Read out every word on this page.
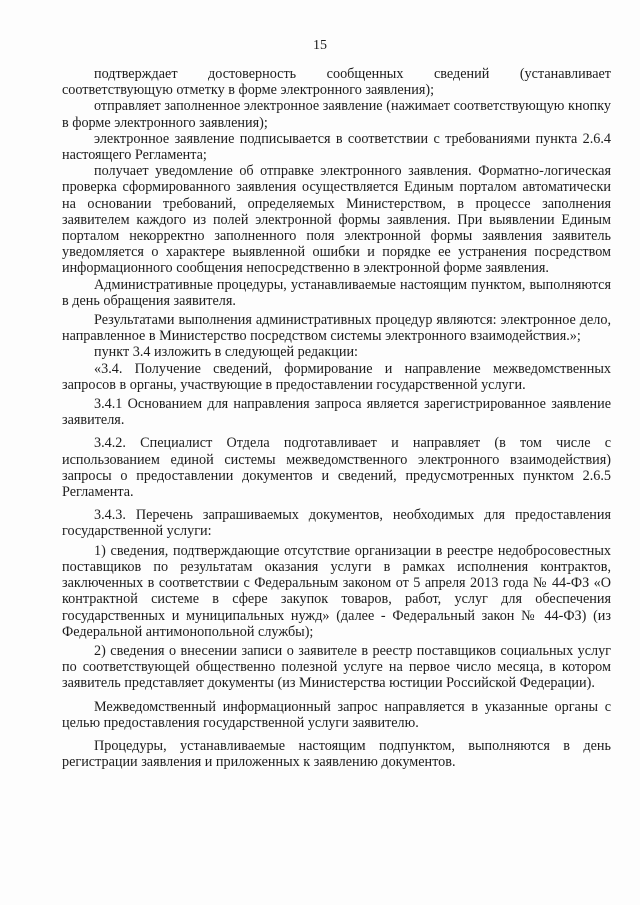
15

подтверждает достоверность сообщенных сведений (устанавливает соответствующую отметку в форме электронного заявления);

отправляет заполненное электронное заявление (нажимает соответствующую кнопку в форме электронного заявления);

электронное заявление подписывается в соответствии с требованиями пункта 2.6.4 настоящего Регламента;

получает уведомление об отправке электронного заявления. Форматно-логическая проверка сформированного заявления осуществляется Единым порталом автоматически на основании требований, определяемых Министерством, в процессе заполнения заявителем каждого из полей электронной формы заявления. При выявлении Единым порталом некорректно заполненного поля электронной формы заявления заявитель уведомляется о характере выявленной ошибки и порядке ее устранения посредством информационного сообщения непосредственно в электронной форме заявления.

Административные процедуры, устанавливаемые настоящим пунктом, выполняются в день обращения заявителя.

Результатами выполнения административных процедур являются: электронное дело, направленное в Министерство посредством системы электронного взаимодействия.»;

пункт 3.4 изложить в следующей редакции:

«3.4. Получение сведений, формирование и направление межведомственных запросов в органы, участвующие в предоставлении государственной услуги.

3.4.1 Основанием для направления запроса является зарегистрированное заявление заявителя.

3.4.2. Специалист Отдела подготавливает и направляет (в том числе с использованием единой системы межведомственного электронного взаимодействия) запросы о предоставлении документов и сведений, предусмотренных пунктом 2.6.5 Регламента.

3.4.3. Перечень запрашиваемых документов, необходимых для предоставления государственной услуги:

1) сведения, подтверждающие отсутствие организации в реестре недобросовестных поставщиков по результатам оказания услуги в рамках исполнения контрактов, заключенных в соответствии с Федеральным законом от 5 апреля 2013 года № 44-ФЗ «О контрактной системе в сфере закупок товаров, работ, услуг для обеспечения государственных и муниципальных нужд» (далее - Федеральный закон № 44-ФЗ) (из Федеральной антимонопольной службы);

2) сведения о внесении записи о заявителе в реестр поставщиков социальных услуг по соответствующей общественно полезной услуге на первое число месяца, в котором заявитель представляет документы (из Министерства юстиции Российской Федерации).

Межведомственный информационный запрос направляется в указанные органы с целью предоставления государственной услуги заявителю.

Процедуры, устанавливаемые настоящим подпунктом, выполняются в день регистрации заявления и приложенных к заявлению документов.
